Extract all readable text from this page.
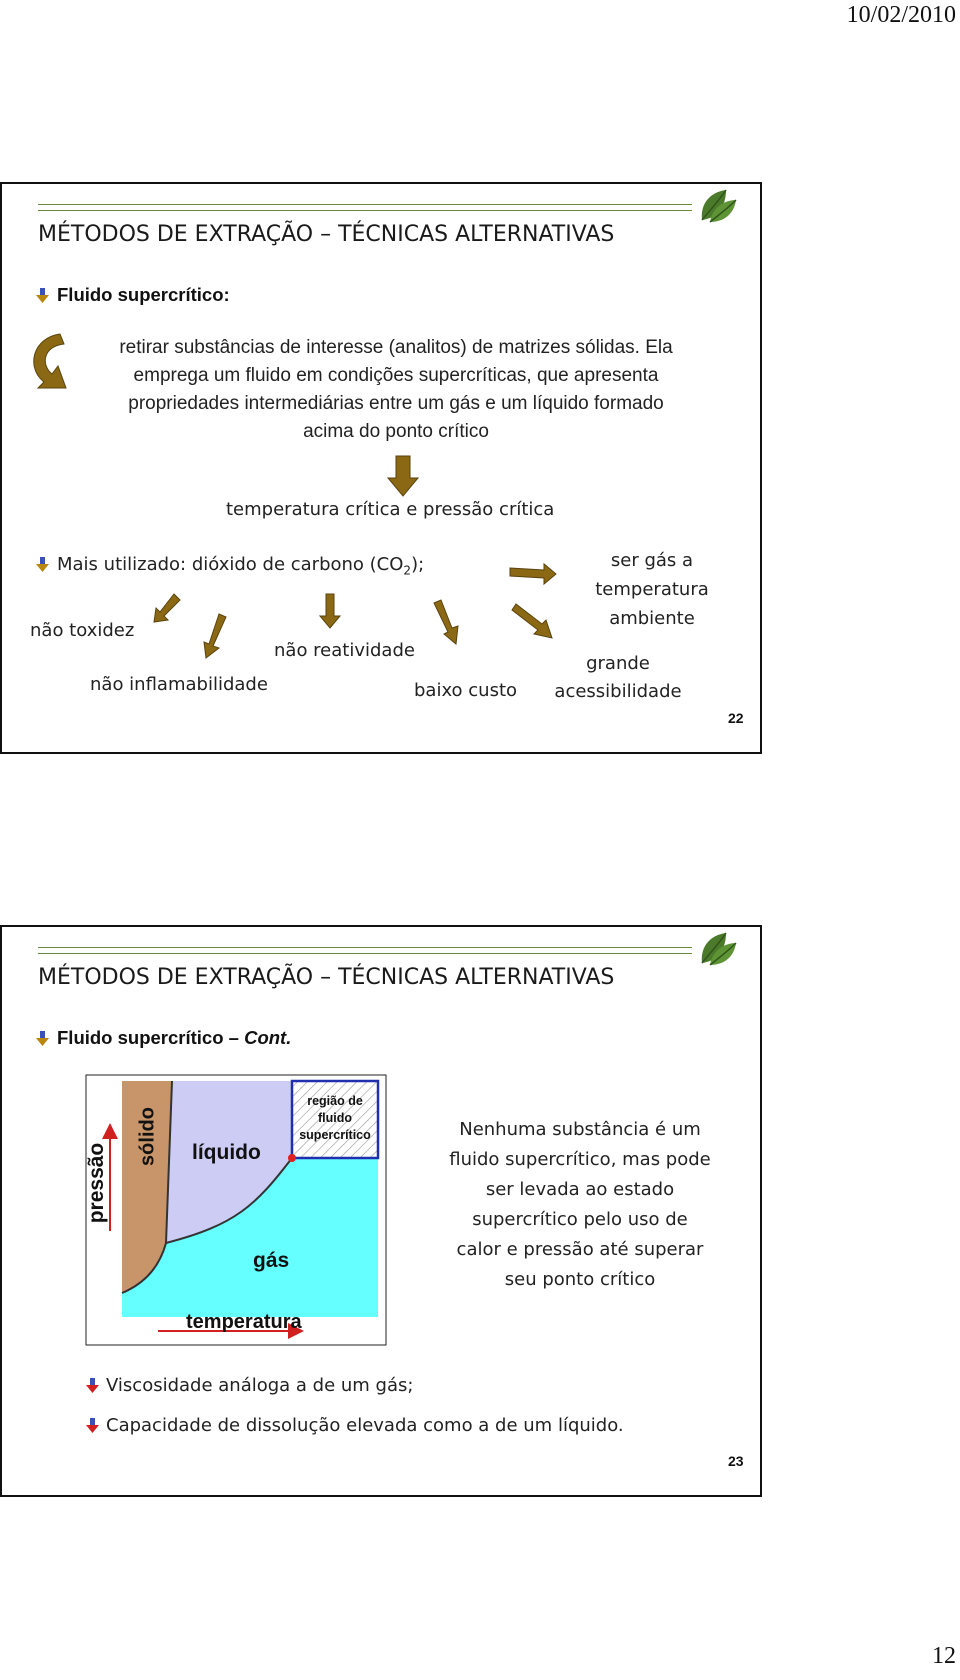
10/02/2010
12
MÉTODOS DE EXTRAÇÃO – TÉCNICAS ALTERNATIVAS
Fluido supercrítico:
retirar substâncias de interesse (analitos) de matrizes sólidas. Ela
emprega um fluido em condições supercríticas, que apresenta
propriedades intermediárias entre um gás e um líquido formado
acima do ponto crítico
temperatura crítica e pressão crítica
Mais utilizado: dióxido de carbono $(CO_2)$;
não toxidez
não inflamabilidade
não reatividade
baixo custo
grande
acessibilidade
ser gás a
temperatura
ambiente
22
MÉTODOS DE EXTRAÇÃO – TÉCNICAS ALTERNATIVAS
Fluido supercrítico – Cont.
sólido líquido
gás
região de
fluido
supercrítico
pressão
temperatura
Nenhuma substância é um
fluido supercrítico, mas pode
ser levada ao estado
supercrítico pelo uso de
calor e pressão até superar
seu ponto crítico
Viscosidade análoga a de um gás;
Capacidade de dissolução elevada como a de um líquido.
23
